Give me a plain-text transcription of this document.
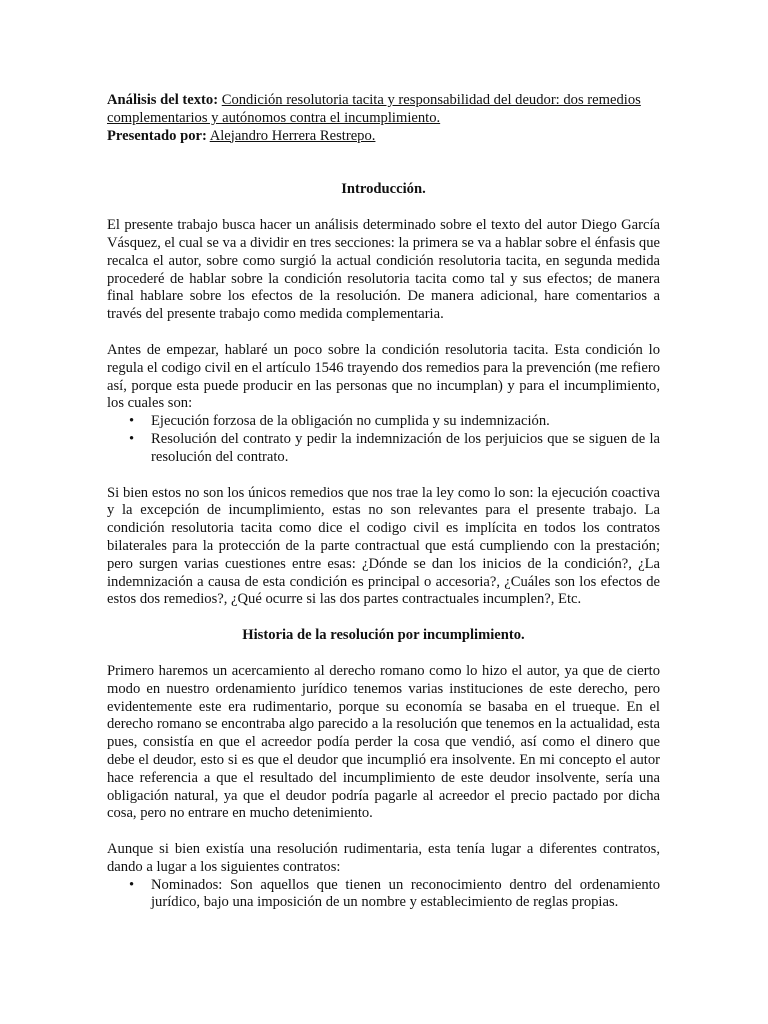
Análisis del texto: Condición resolutoria tacita y responsabilidad del deudor: dos remedios complementarios y autónomos contra el incumplimiento.

Presentado por: Alejandro Herrera Restrepo.

Introducción.

El presente trabajo busca hacer un análisis determinado sobre el texto del autor Diego García Vásquez, el cual se va a dividir en tres secciones: la primera se va a hablar sobre el énfasis que recalca el autor, sobre como surgió la actual condición resolutoria tacita, en segunda medida procederé de hablar sobre la condición resolutoria tacita como tal y sus efectos; de manera final hablare sobre los efectos de la resolución. De manera adicional, hare comentarios a través del presente trabajo como medida complementaria.

Antes de empezar, hablaré un poco sobre la condición resolutoria tacita. Esta condición lo regula el codigo civil en el artículo 1546 trayendo dos remedios para la prevención (me refiero así, porque esta puede producir en las personas que no incumplan) y para el incumplimiento, los cuales son:

• Ejecución forzosa de la obligación no cumplida y su indemnización.
• Resolución del contrato y pedir la indemnización de los perjuicios que se siguen de la resolución del contrato.

Si bien estos no son los únicos remedios que nos trae la ley como lo son: la ejecución coactiva y la excepción de incumplimiento, estas no son relevantes para el presente trabajo. La condición resolutoria tacita como dice el codigo civil es implícita en todos los contratos bilaterales para la protección de la parte contractual que está cumpliendo con la prestación; pero surgen varias cuestiones entre esas: ¿Dónde se dan los inicios de la condición?, ¿La indemnización a causa de esta condición es principal o accesoria?, ¿Cuáles son los efectos de estos dos remedios?, ¿Qué ocurre si las dos partes contractuales incumplen?, Etc.

Historia de la resolución por incumplimiento.

Primero haremos un acercamiento al derecho romano como lo hizo el autor, ya que de cierto modo en nuestro ordenamiento jurídico tenemos varias instituciones de este derecho, pero evidentemente este era rudimentario, porque su economía se basaba en el trueque. En el derecho romano se encontraba algo parecido a la resolución que tenemos en la actualidad, esta pues, consistía en que el acreedor podía perder la cosa que vendió, así como el dinero que debe el deudor, esto si es que el deudor que incumplió era insolvente. En mi concepto el autor hace referencia a que el resultado del incumplimiento de este deudor insolvente, sería una obligación natural, ya que el deudor podría pagarle al acreedor el precio pactado por dicha cosa, pero no entrare en mucho detenimiento.

Aunque si bien existía una resolución rudimentaria, esta tenía lugar a diferentes contratos, dando a lugar a los siguientes contratos:

• Nominados: Son aquellos que tienen un reconocimiento dentro del ordenamiento jurídico, bajo una imposición de un nombre y establecimiento de reglas propias.
